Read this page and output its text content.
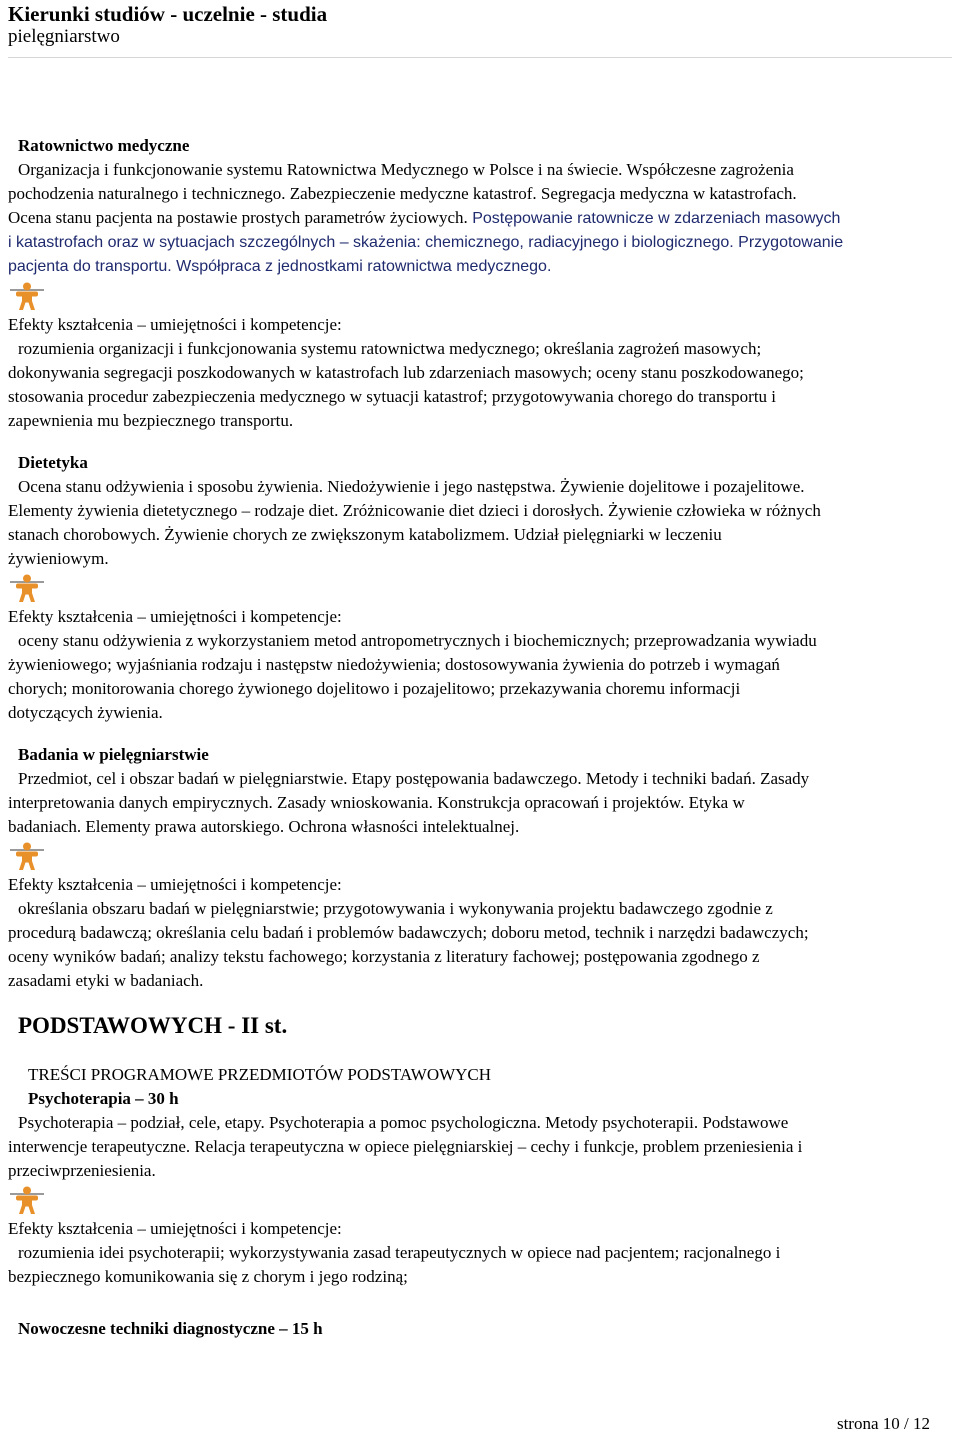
Kierunki studiów - uczelnie - studia
pielęgniarstwo
Ratownictwo medyczne
Organizacja i funkcjonowanie systemu Ratownictwa Medycznego w Polsce i na świecie. Współczesne zagrożenia
pochodzenia naturalnego i technicznego. Zabezpieczenie medyczne katastrof. Segregacja medyczna w katastrofach.
Ocena stanu pacjenta na postawie prostych parametrów życiowych. Postępowanie ratownicze w zdarzeniach masowych
i katastrofach oraz w sytuacjach szczególnych – skażenia: chemicznego, radiacyjnego i biologicznego. Przygotowanie
pacjenta do transportu. Współpraca z jednostkami ratownictwa medycznego.
Efekty kształcenia – umiejętności i kompetencje:
rozumienia organizacji i funkcjonowania systemu ratownictwa medycznego; określania zagrożeń masowych;
dokonywania segregacji poszkodowanych w katastrofach lub zdarzeniach masowych; oceny stanu poszkodowanego;
stosowania procedur zabezpieczenia medycznego w sytuacji katastrof; przygotowywania chorego do transportu i
zapewnienia mu bezpiecznego transportu.
Dietetyka
Ocena stanu odżywienia i sposobu żywienia. Niedożywienie i jego następstwa. Żywienie dojelitowe i pozajelitowe.
Elementy żywienia dietetycznego – rodzaje diet. Zróżnicowanie diet dzieci i dorosłych. Żywienie człowieka w różnych
stanach chorobowych. Żywienie chorych ze zwiększonym katabolizmem. Udział pielęgniarki w leczeniu
żywieniowym.
Efekty kształcenia – umiejętności i kompetencje:
oceny stanu odżywienia z wykorzystaniem metod antropometrycznych i biochemicznych; przeprowadzania wywiadu
żywieniowego; wyjaśniania rodzaju i następstw niedożywienia; dostosowywania żywienia do potrzeb i wymagań
chorych; monitorowania chorego żywionego dojelitowo i pozajelitowo; przekazywania choremu informacji
dotyczących żywienia.
Badania w pielęgniarstwie
Przedmiot, cel i obszar badań w pielęgniarstwie. Etapy postępowania badawczego. Metody i techniki badań. Zasady
interpretowania danych empirycznych. Zasady wnioskowania. Konstrukcja opracowań i projektów. Etyka w
badaniach. Elementy prawa autorskiego. Ochrona własności intelektualnej.
Efekty kształcenia – umiejętności i kompetencje:
określania obszaru badań w pielęgniarstwie; przygotowywania i wykonywania projektu badawczego zgodnie z
procedurą badawczą; określania celu badań i problemów badawczych; doboru metod, technik i narzędzi badawczych;
oceny wyników badań; analizy tekstu fachowego; korzystania z literatury fachowej; postępowania zgodnego z
zasadami etyki w badaniach.
PODSTAWOWYCH - II st.
TREŚCI PROGRAMOWE PRZEDMIOTÓW PODSTAWOWYCH
Psychoterapia – 30 h
Psychoterapia – podział, cele, etapy. Psychoterapia a pomoc psychologiczna. Metody psychoterapii. Podstawowe
interwencje terapeutyczne. Relacja terapeutyczna w opiece pielęgniarskiej – cechy i funkcje, problem przeniesienia i
przeciwprzeniesienia.
Efekty kształcenia – umiejętności i kompetencje:
rozumienia idei psychoterapii; wykorzystywania zasad terapeutycznych w opiece nad pacjentem; racjonalnego i
bezpiecznego komunikowania się z chorym i jego rodziną;
Nowoczesne techniki diagnostyczne – 15 h
strona 10 / 12
